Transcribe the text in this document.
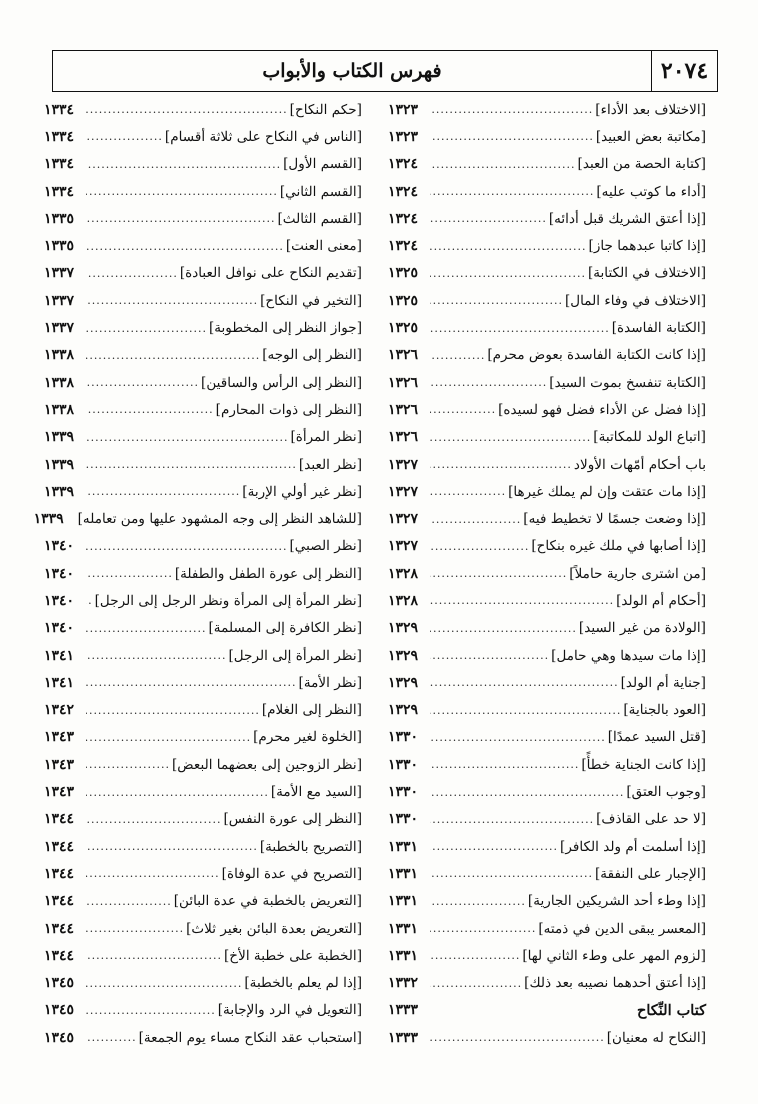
٢٠٧٤
فهرس الكتاب والأبواب
[الاختلاف بعد الأداء]
.....
١٣٢٣
[مكاتبة بعض العبيد]
.....
١٣٢٣
[كتابة الحصة من العبد]
.....
١٣٢٤
[أداء ما كوتب عليه]
.....
١٣٢٤
[إذا أعتق الشريك قبل أدائه]
.....
١٣٢٤
[إذا كاتبا عبدهما جاز]
.....
١٣٢٤
[الاختلاف في الكتابة]
.....
١٣٢٥
[الاختلاف في وفاء المال]
.....
١٣٢٥
[الكتابة الفاسدة]
.....
١٣٢٥
[إذا كانت الكتابة الفاسدة بعوض محرم]
.....
١٣٢٦
[الكتابة تنفسخ بموت السيد]
.....
١٣٢٦
[إذا فضل عن الأداء فضل فهو لسيده]
.....
١٣٢٦
[اتباع الولد للمكاتبة]
.....
١٣٢٦
باب أحكام أمّهات الأولاد
.....
١٣٢٧
[إذا مات عتقت وإن لم يملك غيرها]
.....
١٣٢٧
[إذا وضعت جسمًا لا تخطيط فيه]
.....
١٣٢٧
[إذا أصابها في ملك غيره بنكاح]
.....
١٣٢٧
[من اشترى جارية حاملاً]
.....
١٣٢٨
[أحكام أم الولد]
.....
١٣٢٨
[الولادة من غير السيد]
.....
١٣٢٩
[إذا مات سيدها وهي حامل]
.....
١٣٢٩
[جناية أم الولد]
.....
١٣٢٩
[العود بالجناية]
.....
١٣٢٩
[قتل السيد عمدًا]
.....
١٣٣٠
[إذا كانت الجناية خطأً]
.....
١٣٣٠
[وجوب العتق]
.....
١٣٣٠
[لا حد على القاذف]
.....
١٣٣٠
[إذا أسلمت أم ولد الكافر]
.....
١٣٣١
[الإجبار على النفقة]
.....
١٣٣١
[إذا وطء أحد الشريكين الجارية]
.....
١٣٣١
[المعسر يبقى الدين في ذمته]
.....
١٣٣١
[لزوم المهر على وطء الثاني لها]
.....
١٣٣١
[إذا أعتق أحدهما نصيبه بعد ذلك]
.....
١٣٣٢
كتاب النِّكاح
١٣٣٣
[النكاح له معنيان]
.....
١٣٣٣
[حكم النكاح]
.....
١٣٣٤
[الناس في النكاح على ثلاثة أقسام]
.....
١٣٣٤
[القسم الأول]
.....
١٣٣٤
[القسم الثاني]
.....
١٣٣٤
[القسم الثالث]
.....
١٣٣٥
[معنى العنت]
.....
١٣٣٥
[تقديم النكاح على نوافل العبادة]
.....
١٣٣٧
[التخير في النكاح]
.....
١٣٣٧
[جواز النظر إلى المخطوبة]
.....
١٣٣٧
[النظر إلى الوجه]
.....
١٣٣٨
[النظر إلى الرأس والساقين]
.....
١٣٣٨
[النظر إلى ذوات المحارم]
.....
١٣٣٨
[نظر المرأة]
.....
١٣٣٩
[نظر العبد]
.....
١٣٣٩
[نظر غير أولي الإربة]
.....
١٣٣٩
[للشاهد النظر إلى وجه المشهود عليها ومن تعامله]
١٣٣٩
[نظر الصبي]
.....
١٣٤٠
[النظر إلى عورة الطفل والطفلة]
.....
١٣٤٠
[نظر المرأة إلى المرأة ونظر الرجل إلى الرجل]
.....
١٣٤٠
[نظر الكافرة إلى المسلمة]
.....
١٣٤٠
[نظر المرأة إلى الرجل]
.....
١٣٤١
[نظر الأمة]
.....
١٣٤١
[النظر إلى الغلام]
.....
١٣٤٢
[الخلوة لغير محرم]
.....
١٣٤٣
[نظر الزوجين إلى بعضهما البعض]
.....
١٣٤٣
[السيد مع الأمة]
.....
١٣٤٣
[النظر إلى عورة النفس]
.....
١٣٤٤
[التصريح بالخطبة]
.....
١٣٤٤
[التصريح في عدة الوفاة]
.....
١٣٤٤
[التعريض بالخطبة في عدة البائن]
.....
١٣٤٤
[التعريض بعدة البائن بغير ثلاث]
.....
١٣٤٤
[الخطبة على خطبة الأخ]
.....
١٣٤٤
[إذا لم يعلم بالخطبة]
.....
١٣٤٥
[التعويل في الرد والإجابة]
.....
١٣٤٥
[استحباب عقد النكاح مساء يوم الجمعة]
.....
١٣٤٥
